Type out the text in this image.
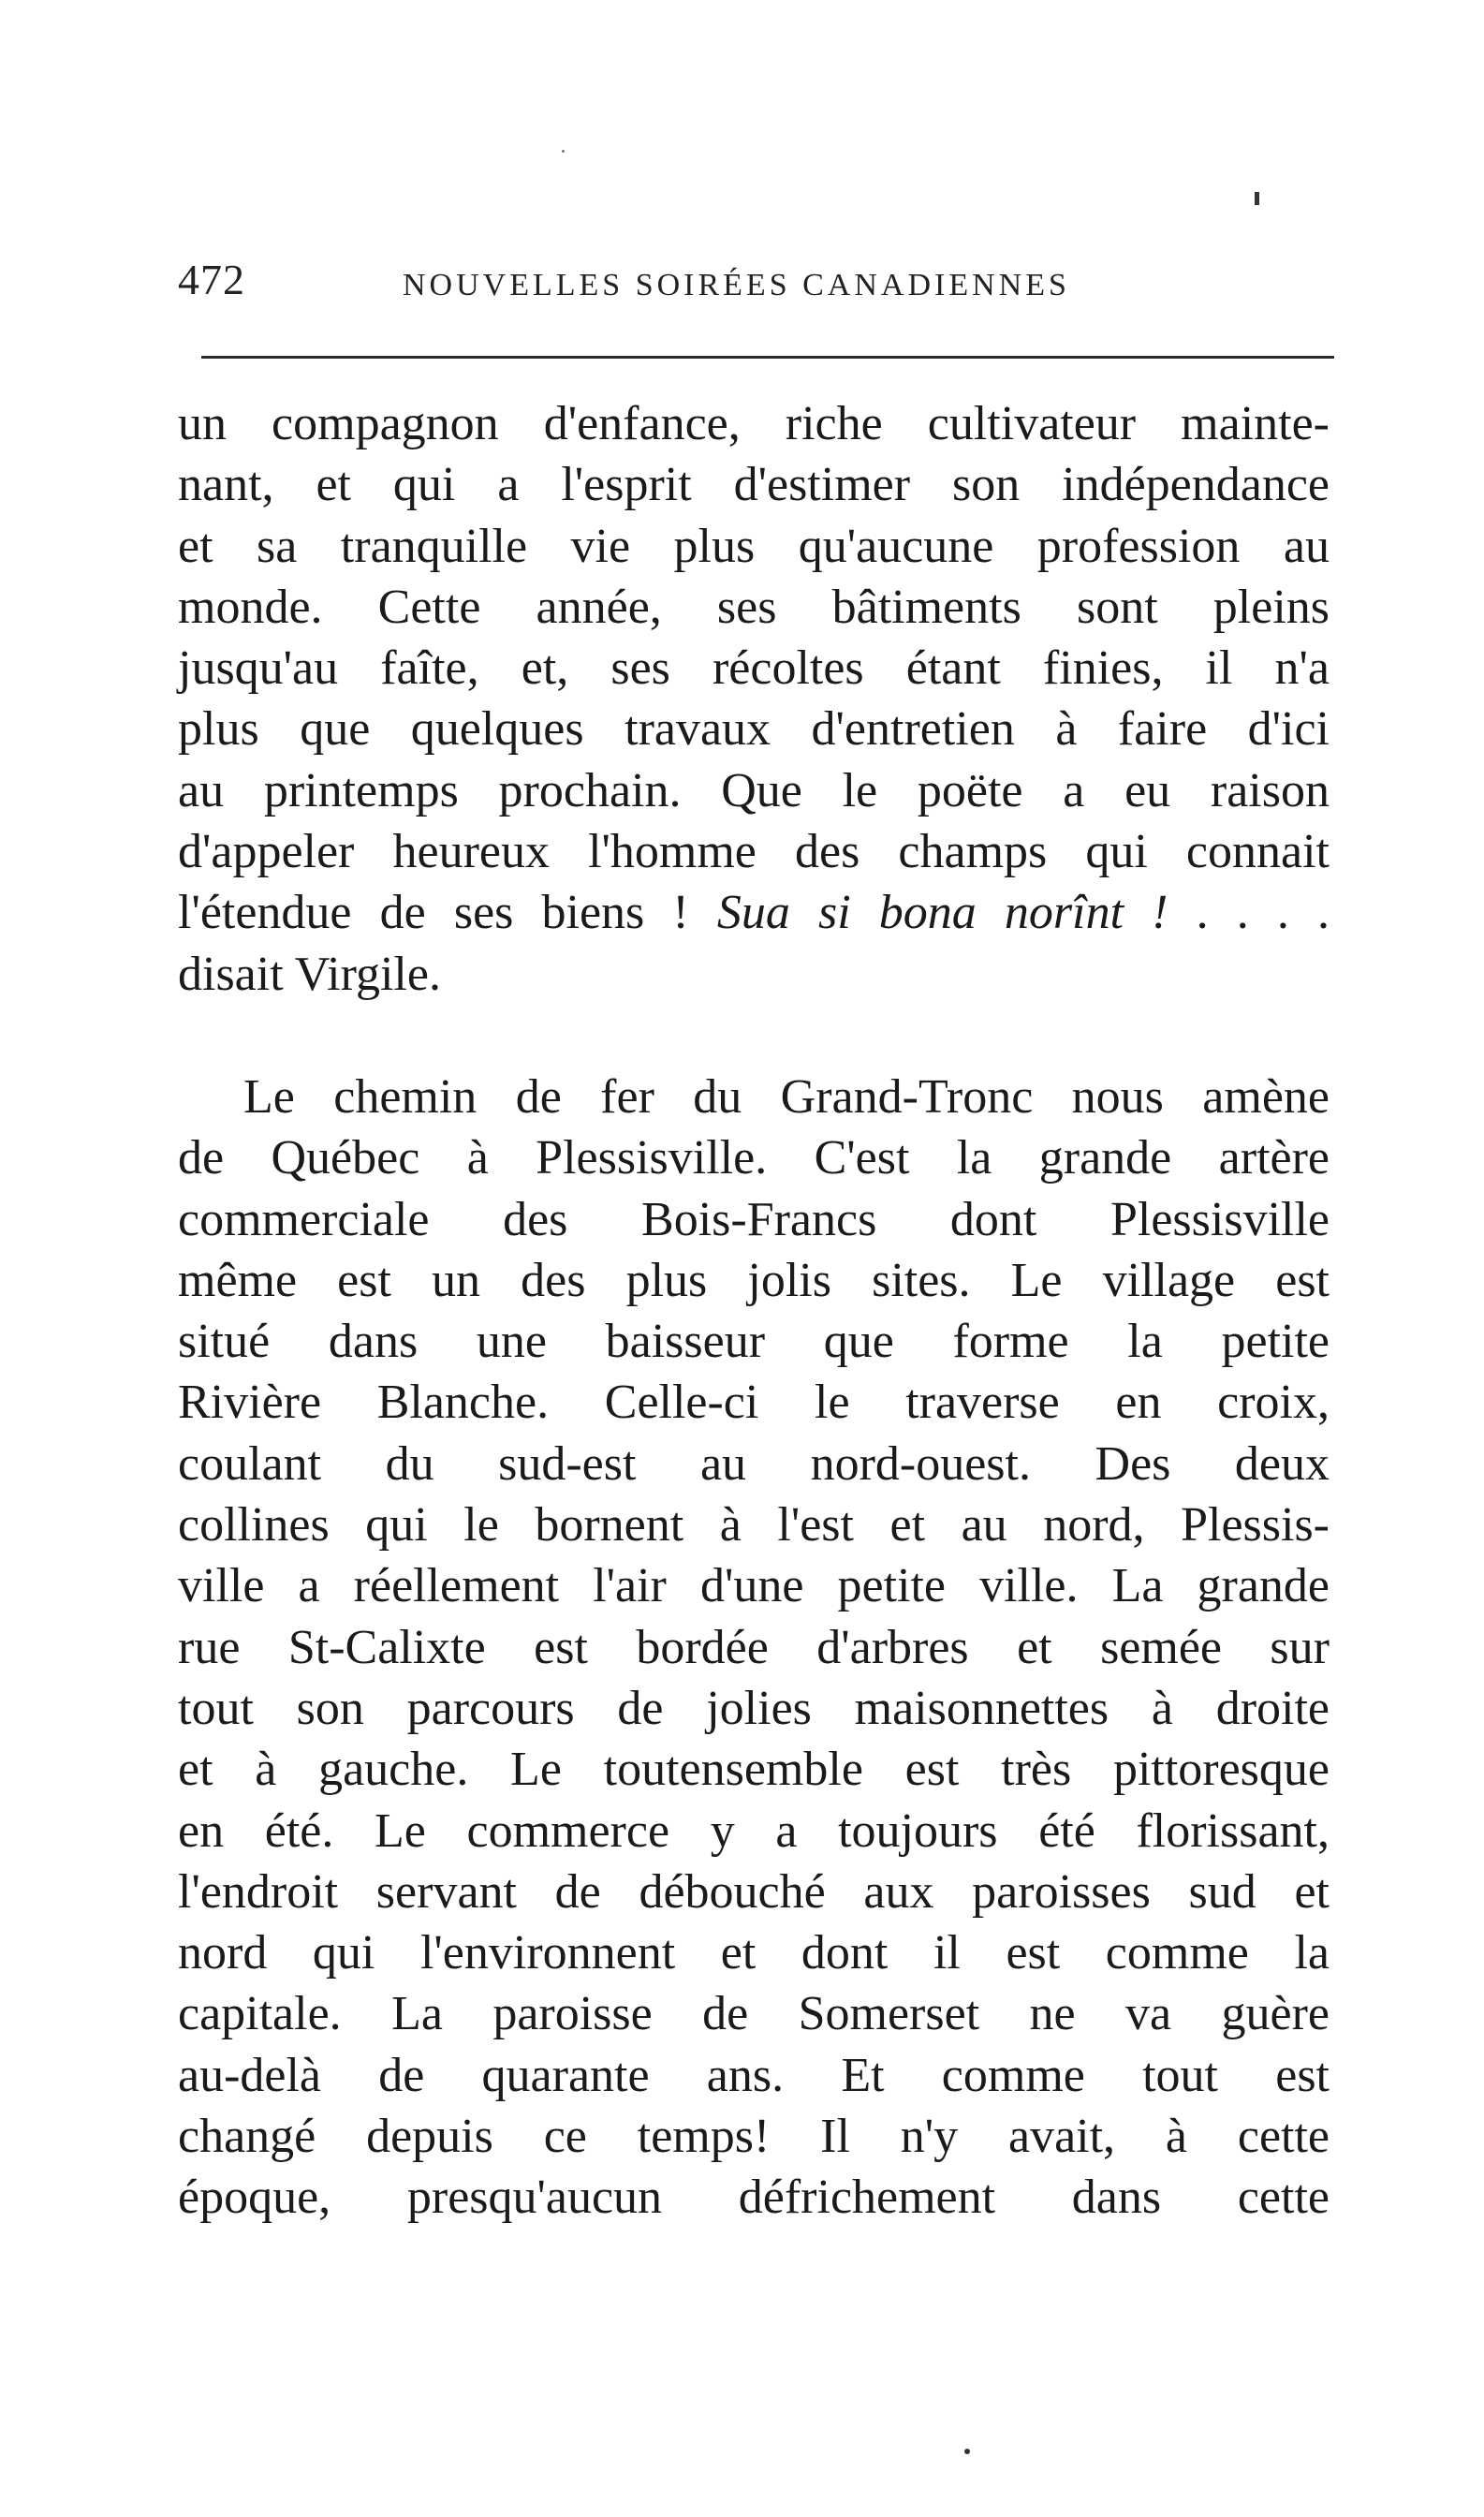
472	NOUVELLES SOIRÉES CANADIENNES
un compagnon d'enfance, riche cultivateur mainte-
nant, et qui a l'esprit d'estimer son indépendance
et sa tranquille vie plus qu'aucune profession au
monde. Cette année, ses bâtiments sont pleins
jusqu'au faîte, et, ses récoltes étant finies, il n'a
plus que quelques travaux d'entretien à faire d'ici
au printemps prochain. Que le poëte a eu raison
d'appeler heureux l'homme des champs qui connait
l'étendue de ses biens ! Sua si bona norînt ! . . . .
disait Virgile.
Le chemin de fer du Grand-Tronc nous amène
de Québec à Plessisville. C'est la grande artère
commerciale des Bois-Francs dont Plessisville
même est un des plus jolis sites. Le village est
situé dans une baisseur que forme la petite
Rivière Blanche. Celle-ci le traverse en croix,
coulant du sud-est au nord-ouest. Des deux
collines qui le bornent à l'est et au nord, Plessis-
ville a réellement l'air d'une petite ville. La grande
rue St-Calixte est bordée d'arbres et semée sur
tout son parcours de jolies maisonnettes à droite
et à gauche. Le toutensemble est très pittoresque
en été. Le commerce y a toujours été florissant,
l'endroit servant de débouché aux paroisses sud et
nord qui l'environnent et dont il est comme la
capitale. La paroisse de Somerset ne va guère
au-delà de quarante ans. Et comme tout est
changé depuis ce temps! Il n'y avait, à cette
époque, presqu'aucun défrichement dans cette
